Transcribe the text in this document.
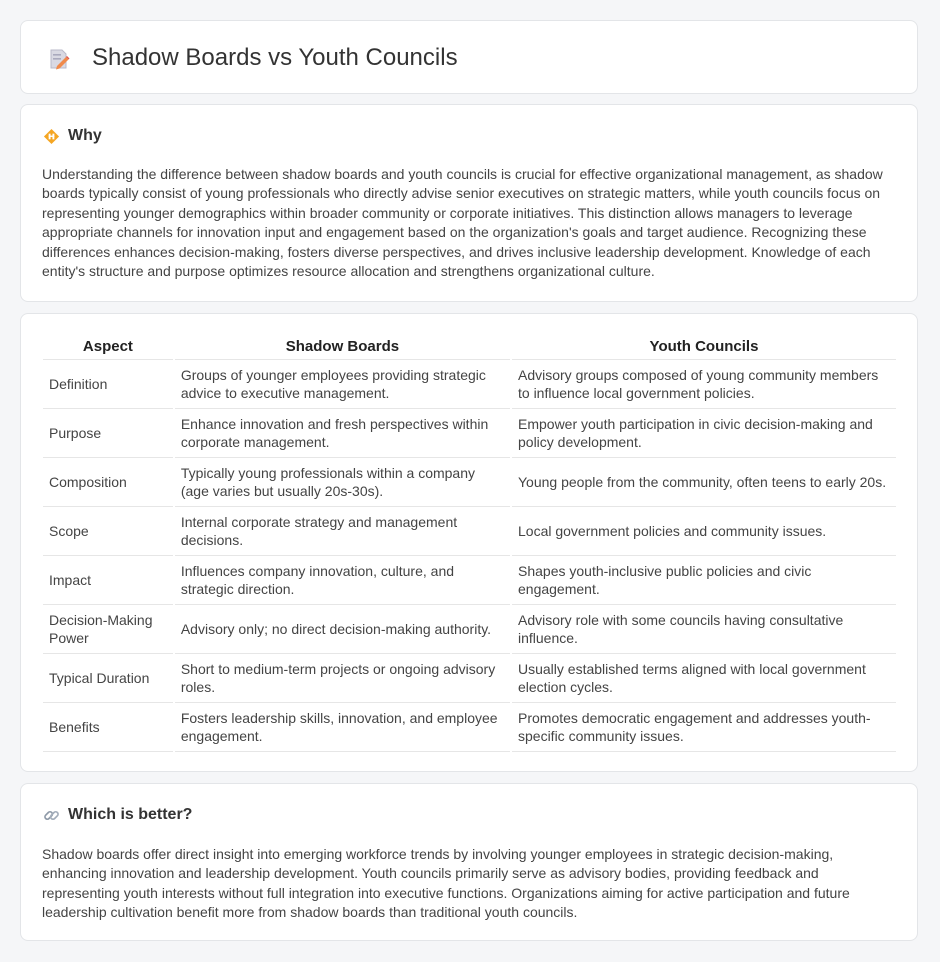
Shadow Boards vs Youth Councils
Why

Understanding the difference between shadow boards and youth councils is crucial for effective organizational management, as shadow boards typically consist of young professionals who directly advise senior executives on strategic matters, while youth councils focus on representing younger demographics within broader community or corporate initiatives. This distinction allows managers to leverage appropriate channels for innovation input and engagement based on the organization's goals and target audience. Recognizing these differences enhances decision-making, fosters diverse perspectives, and drives inclusive leadership development. Knowledge of each entity's structure and purpose optimizes resource allocation and strengthens organizational culture.

Aspect	Shadow Boards	Youth Councils
Definition	Groups of younger employees providing strategic advice to executive management.	Advisory groups composed of young community members to influence local government policies.
Purpose	Enhance innovation and fresh perspectives within corporate management.	Empower youth participation in civic decision-making and policy development.
Composition	Typically young professionals within a company (age varies but usually 20s-30s).	Young people from the community, often teens to early 20s.
Scope	Internal corporate strategy and management decisions.	Local government policies and community issues.
Impact	Influences company innovation, culture, and strategic direction.	Shapes youth-inclusive public policies and civic engagement.
Decision-Making Power	Advisory only; no direct decision-making authority.	Advisory role with some councils having consultative influence.
Typical Duration	Short to medium-term projects or ongoing advisory roles.	Usually established terms aligned with local government election cycles.
Benefits	Fosters leadership skills, innovation, and employee engagement.	Promotes democratic engagement and addresses youth-specific community issues.
Which is better?

Shadow boards offer direct insight into emerging workforce trends by involving younger employees in strategic decision-making, enhancing innovation and leadership development. Youth councils primarily serve as advisory bodies, providing feedback and representing youth interests without full integration into executive functions. Organizations aiming for active participation and future leadership cultivation benefit more from shadow boards than traditional youth councils.
